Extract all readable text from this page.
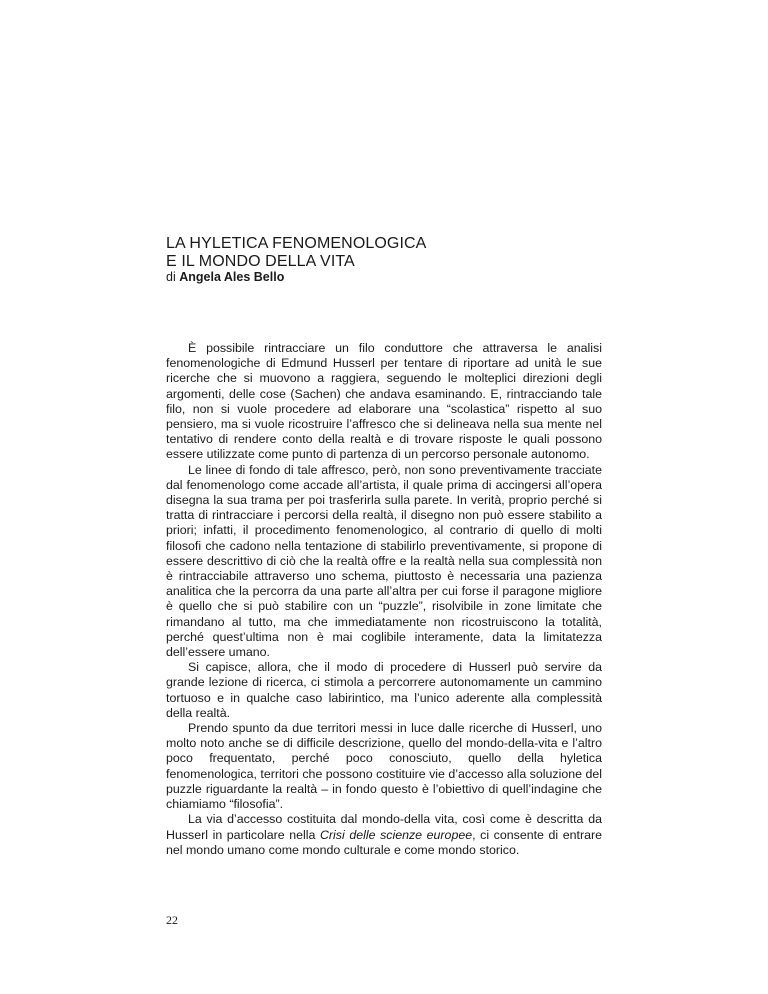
LA HYLETICA FENOMENOLOGICA
E IL MONDO DELLA VITA
di Angela Ales Bello

È possibile rintracciare un filo conduttore che attraversa le analisi fenomenologiche di Edmund Husserl per tentare di riportare ad unità le sue ricerche che si muovono a raggiera, seguendo le molteplici direzioni degli argomenti, delle cose (Sachen) che andava esaminando. E, rintracciando tale filo, non si vuole procedere ad elaborare una “scolastica” rispetto al suo pensiero, ma si vuole ricostruire l’affresco che si delineava nella sua mente nel tentativo di rendere conto della realtà e di trovare risposte le quali possono essere utilizzate come punto di partenza di un percorso personale autonomo.

Le linee di fondo di tale affresco, però, non sono preventivamente tracciate dal fenomenologo come accade all’artista, il quale prima di accingersi all’opera disegna la sua trama per poi trasferirla sulla parete. In verità, proprio perché si tratta di rintracciare i percorsi della realtà, il disegno non può essere stabilito a priori; infatti, il procedimento fenomenologico, al contrario di quello di molti filosofi che cadono nella tentazione di stabilirlo preventivamente, si propone di essere descrittivo di ciò che la realtà offre e la realtà nella sua complessità non è rintracciabile attraverso uno schema, piuttosto è necessaria una pazienza analitica che la percorra da una parte all’altra per cui forse il paragone migliore è quello che si può stabilire con un “puzzle”, risolvibile in zone limitate che rimandano al tutto, ma che immediatamente non ricostruiscono la totalità, perché quest’ultima non è mai coglibile interamente, data la limitatezza dell’essere umano.

Si capisce, allora, che il modo di procedere di Husserl può servire da grande lezione di ricerca, ci stimola a percorrere autonomamente un cammino tortuoso e in qualche caso labirintico, ma l’unico aderente alla complessità della realtà.

Prendo spunto da due territori messi in luce dalle ricerche di Husserl, uno molto noto anche se di difficile descrizione, quello del mondo-della-vita e l’altro poco frequentato, perché poco conosciuto, quello della hyletica fenomenologica, territori che possono costituire vie d’accesso alla soluzione del puzzle riguardante la realtà – in fondo questo è l’obiettivo di quell’indagine che chiamiamo “filosofia”.

La via d’accesso costituita dal mondo-della vita, così come è descritta da Husserl in particolare nella Crisi delle scienze europee, ci consente di entrare nel mondo umano come mondo culturale e come mondo storico.

22
